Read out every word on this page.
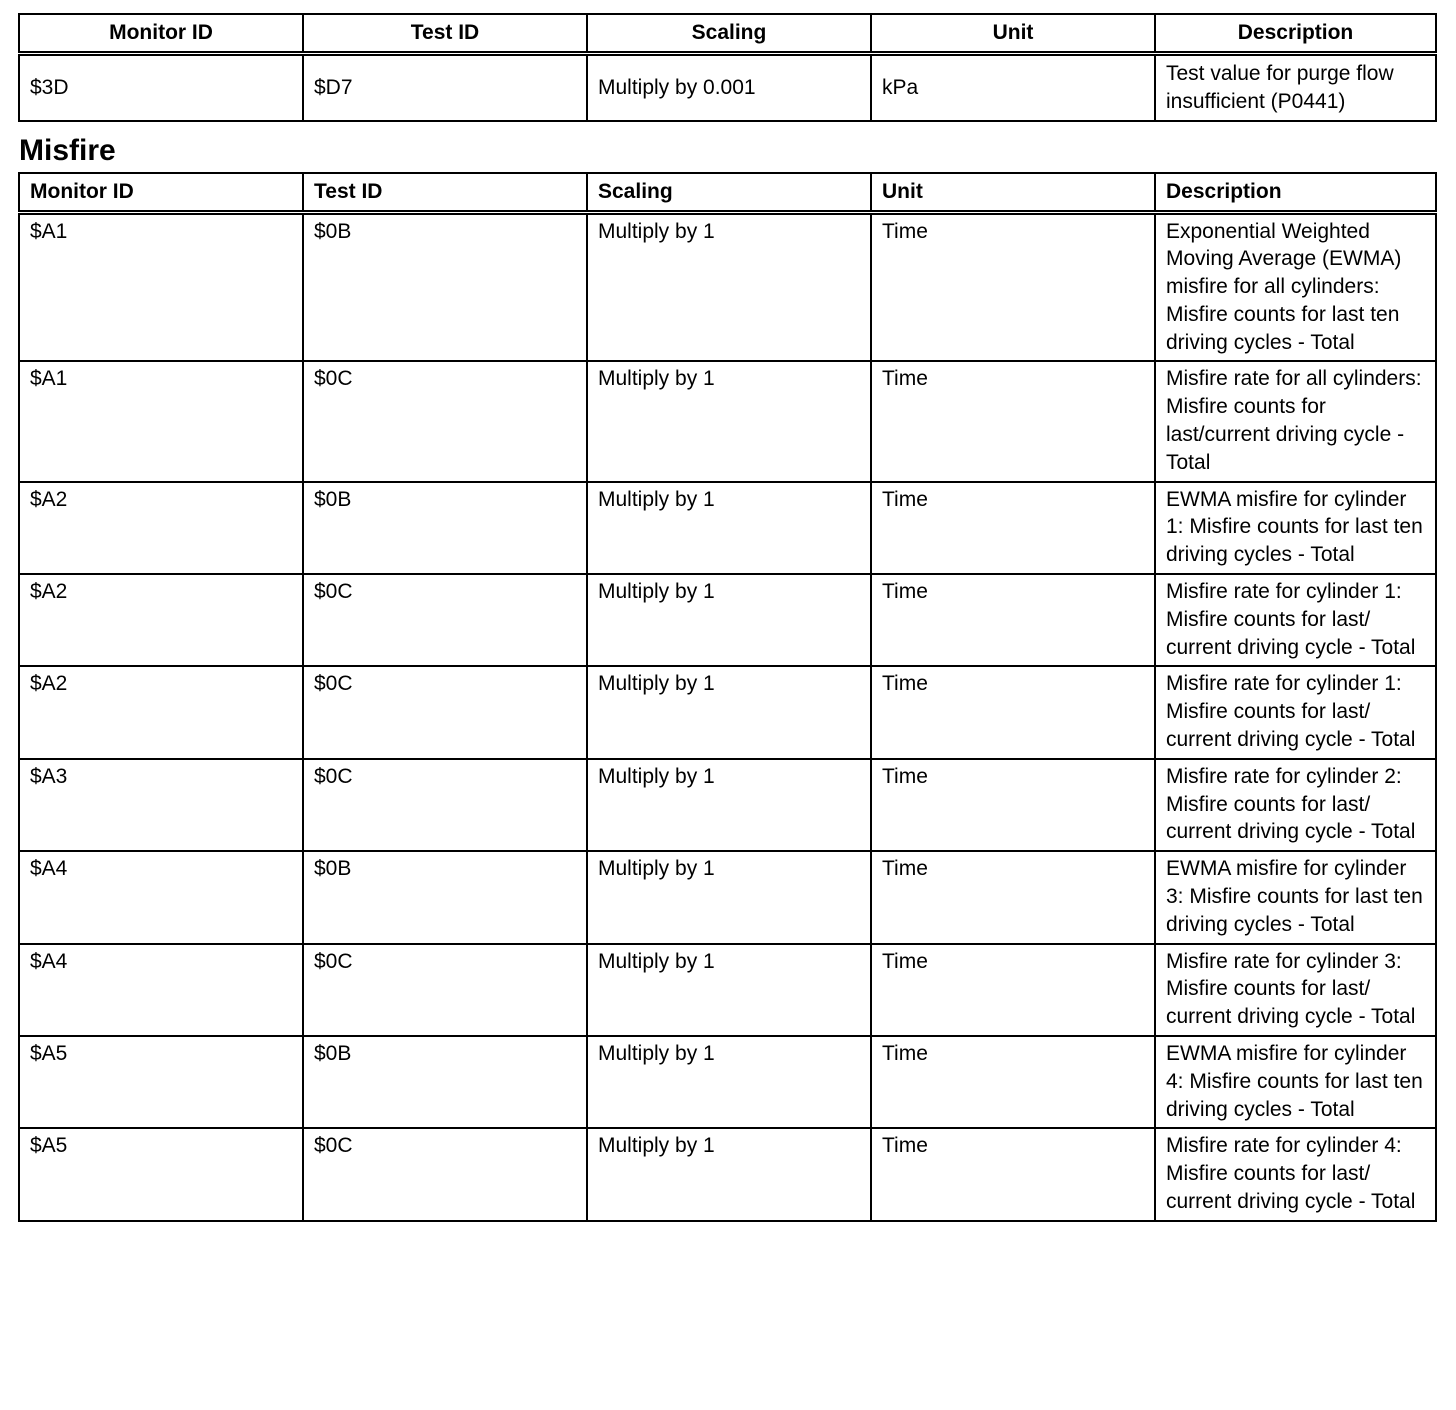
Monitor ID	Test ID	Scaling	Unit	Description
$3D	$D7	Multiply by 0.001	kPa	Test value for purge flow insufficient (P0441)
Misfire
Monitor ID	Test ID	Scaling	Unit	Description
$A1	$0B	Multiply by 1	Time	Exponential Weighted Moving Average (EWMA) misfire for all cylinders: Misfire counts for last ten driving cycles - Total
$A1	$0C	Multiply by 1	Time	Misfire rate for all cylinders: Misfire counts for last/current driving cycle - Total
$A2	$0B	Multiply by 1	Time	EWMA misfire for cylinder 1: Misfire counts for last ten driving cycles - Total
$A2	$0C	Multiply by 1	Time	Misfire rate for cylinder 1: Misfire counts for last/ current driving cycle - Total
$A2	$0C	Multiply by 1	Time	Misfire rate for cylinder 1: Misfire counts for last/ current driving cycle - Total
$A3	$0C	Multiply by 1	Time	Misfire rate for cylinder 2: Misfire counts for last/ current driving cycle - Total
$A4	$0B	Multiply by 1	Time	EWMA misfire for cylinder 3: Misfire counts for last ten driving cycles - Total
$A4	$0C	Multiply by 1	Time	Misfire rate for cylinder 3: Misfire counts for last/ current driving cycle - Total
$A5	$0B	Multiply by 1	Time	EWMA misfire for cylinder 4: Misfire counts for last ten driving cycles - Total
$A5	$0C	Multiply by 1	Time	Misfire rate for cylinder 4: Misfire counts for last/ current driving cycle - Total
